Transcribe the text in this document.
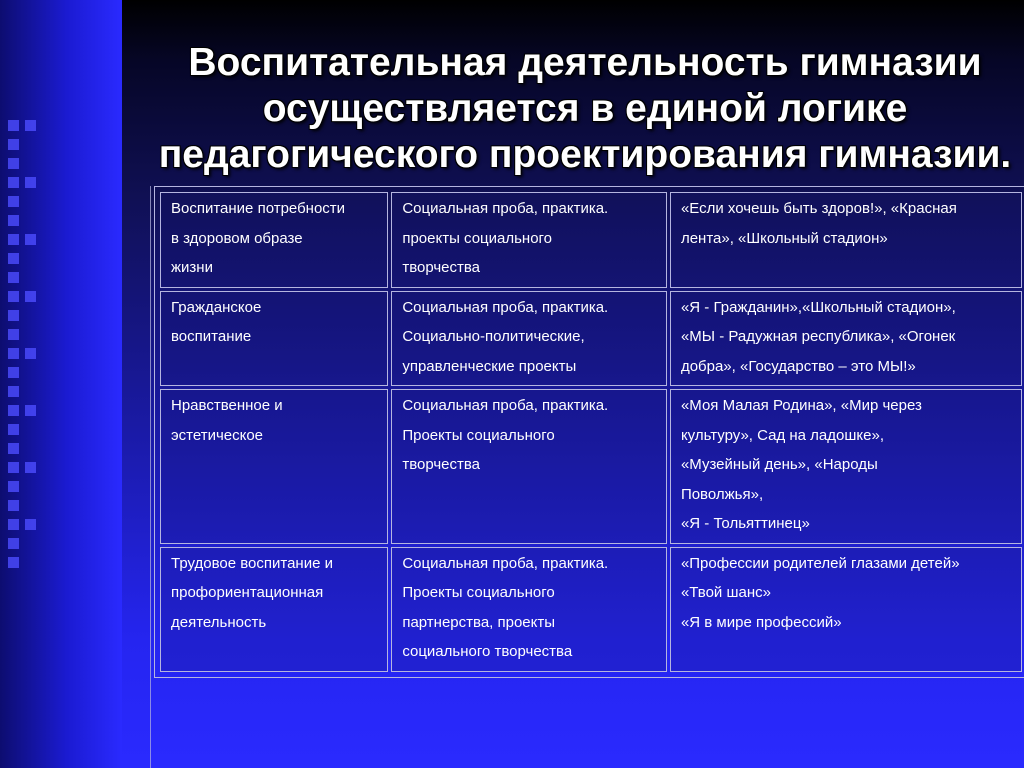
Воспитательная деятельность гимназии осуществляется в единой логике педагогического проектирования гимназии.
Воспитание потребности
в здоровом образе
жизни	Социальная проба, практика.
проекты социального
творчества	«Если хочешь быть здоров!», «Красная
лента», «Школьный стадион»

Гражданское
воспитание	Социальная проба, практика.
Социально-политические,
управленческие проекты	«Я - Гражданин»,«Школьный стадион»,
«МЫ - Радужная республика», «Огонек
добра», «Государство – это МЫ!»

Нравственное и
эстетическое	Социальная проба, практика.
Проекты социального
творчества	«Моя Малая Родина», «Мир через
культуру», Сад на ладошке»,
«Музейный день», «Народы
Поволжья»,
«Я - Тольяттинец»

Трудовое воспитание и
профориентационная
деятельность	Социальная проба, практика.
Проекты социального
партнерства, проекты
социального творчества	«Профессии родителей глазами детей»
«Твой шанс»
«Я в мире профессий»
